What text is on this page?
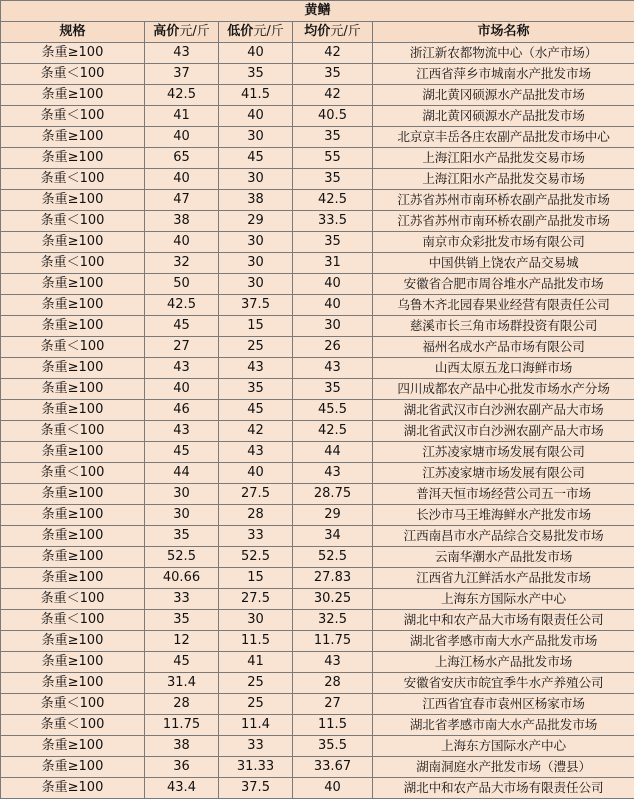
黄鳝				
规格	高价元/斤	低价元/斤	均价元/斤	市场名称
条重≥100	43	40	42	浙江新农都物流中心（水产市场）
条重＜100	37	35	35	江西省萍乡市城南水产批发市场
条重≥100	42.5	41.5	42	湖北黄冈硕源水产品批发市场
条重＜100	41	40	40.5	湖北黄冈硕源水产品批发市场
条重≥100	40	30	35	北京京丰岳各庄农副产品批发市场中心
条重≥100	65	45	55	上海江阳水产品批发交易市场
条重＜100	40	30	35	上海江阳水产品批发交易市场
条重≥100	47	38	42.5	江苏省苏州市南环桥农副产品批发市场
条重＜100	38	29	33.5	江苏省苏州市南环桥农副产品批发市场
条重≥100	40	30	35	南京市众彩批发市场有限公司
条重＜100	32	30	31	中国供销上饶农产品交易城
条重≥100	50	30	40	安徽省合肥市周谷堆水产品批发市场
条重≥100	42.5	37.5	40	乌鲁木齐北园春果业经营有限责任公司
条重≥100	45	15	30	慈溪市长三角市场群投资有限公司
条重＜100	27	25	26	福州名成水产品市场有限公司
条重≥100	43	43	43	山西太原五龙口海鲜市场
条重≥100	40	35	35	四川成都农产品中心批发市场水产分场
条重≥100	46	45	45.5	湖北省武汉市白沙洲农副产品大市场
条重＜100	43	42	42.5	湖北省武汉市白沙洲农副产品大市场
条重≥100	45	43	44	江苏凌家塘市场发展有限公司
条重＜100	44	40	43	江苏凌家塘市场发展有限公司
条重≥100	30	27.5	28.75	普洱天恒市场经营公司五一市场
条重≥100	30	28	29	长沙市马王堆海鲜水产批发市场
条重≥100	35	33	34	江西南昌市水产品综合交易批发市场
条重≥100	52.5	52.5	52.5	云南华潮水产品批发市场
条重≥100	40.66	15	27.83	江西省九江鲜活水产品批发市场
条重＜100	33	27.5	30.25	上海东方国际水产中心
条重＜100	35	30	32.5	湖北中和农产品大市场有限责任公司
条重≥100	12	11.5	11.75	湖北省孝感市南大水产品批发市场
条重≥100	45	41	43	上海江杨水产品批发市场
条重≥100	31.4	25	28	安徽省安庆市皖宜季牛水产养殖公司
条重＜100	28	25	27	江西省宜春市袁州区杨家市场
条重＜100	11.75	11.4	11.5	湖北省孝感市南大水产品批发市场
条重≥100	38	33	35.5	上海东方国际水产中心
条重≥100	36	31.33	33.67	湖南洞庭水产批发市场（澧县）
条重≥100	43.4	37.5	40	湖北中和农产品大市场有限责任公司
